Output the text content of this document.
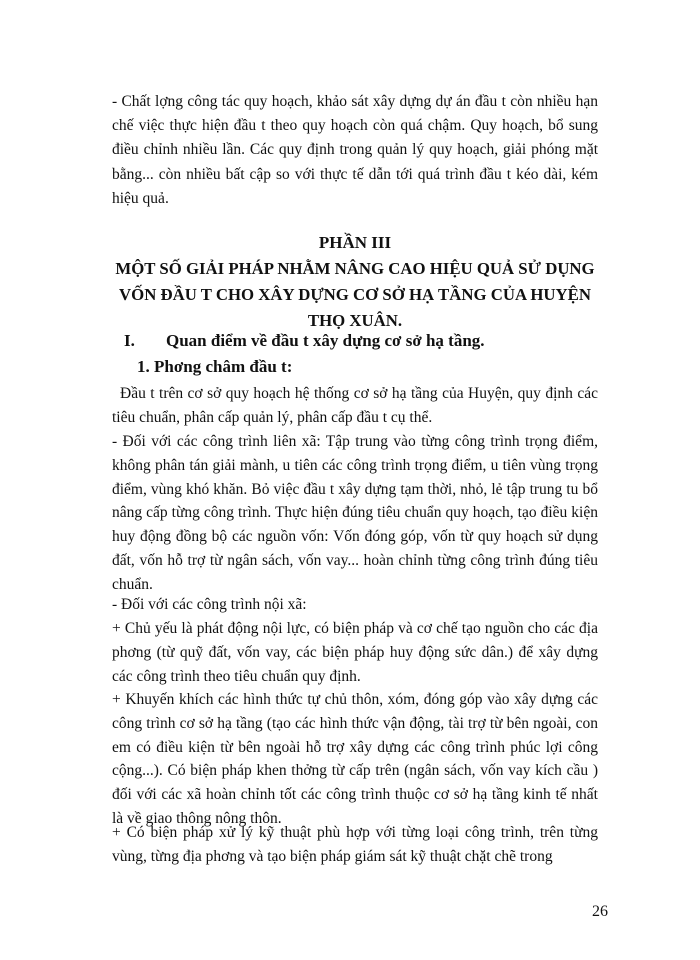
- Chất lợng công tác quy hoạch, khảo sát xây dựng dự án đầu t còn nhiều hạn chế việc thực hiện đầu t theo quy hoạch còn quá chậm. Quy hoạch, bổ sung điều chỉnh nhiều lần. Các quy định trong quản lý quy hoạch, giải phóng mặt bằng... còn nhiều bất cập so với thực tế dẫn tới quá trình đầu t kéo dài, kém hiệu quả.

PHẦN III

MỘT SỐ GIẢI PHÁP NHẰM NÂNG CAO HIỆU QUẢ SỬ DỤNG VỐN ĐẦU T CHO XÂY DỰNG CƠ SỞ HẠ TẦNG CỦA HUYỆN THỌ XUÂN.

I. Quan điểm về đầu t xây dựng cơ sở hạ tầng.

1. Phơng châm đầu t:

Đầu t trên cơ sở quy hoạch hệ thống cơ sở hạ tầng của Huyện, quy định các tiêu chuẩn, phân cấp quản lý, phân cấp đầu t cụ thể.

- Đối với các công trình liên xã: Tập trung vào từng công trình trọng điểm, không phân tán giải mành, u tiên các công trình trọng điểm, u tiên vùng trọng điểm, vùng khó khăn. Bỏ việc đầu t xây dựng tạm thời, nhỏ, lẻ tập trung tu bổ nâng cấp từng công trình. Thực hiện đúng tiêu chuẩn quy hoạch, tạo điều kiện huy động đồng bộ các nguồn vốn: Vốn đóng góp, vốn từ quy hoạch sử dụng đất, vốn hỗ trợ từ ngân sách, vốn vay... hoàn chỉnh từng công trình đúng tiêu chuẩn.

- Đối với các công trình nội xã:

+ Chủ yếu là phát động nội lực, có biện pháp và cơ chế tạo nguồn cho các địa phơng (từ quỹ đất, vốn vay, các biện pháp huy động sức dân.) để xây dựng các công trình theo tiêu chuẩn quy định.

+ Khuyến khích các hình thức tự chủ thôn, xóm, đóng góp vào xây dựng các công trình cơ sở hạ tầng (tạo các hình thức vận động, tài trợ từ bên ngoài, con em có điều kiện từ bên ngoài hỗ trợ xây dựng các công trình phúc lợi công cộng...). Có biện pháp khen thởng từ cấp trên (ngân sách, vốn vay kích cầu ) đối với các xã hoàn chỉnh tốt các công trình thuộc cơ sở hạ tầng kinh tế nhất là về giao thông nông thôn.

+ Có biện pháp xử lý kỹ thuật phù hợp với từng loại công trình, trên từng vùng, từng địa phơng và tạo biện pháp giám sát kỹ thuật chặt chẽ trong

26
